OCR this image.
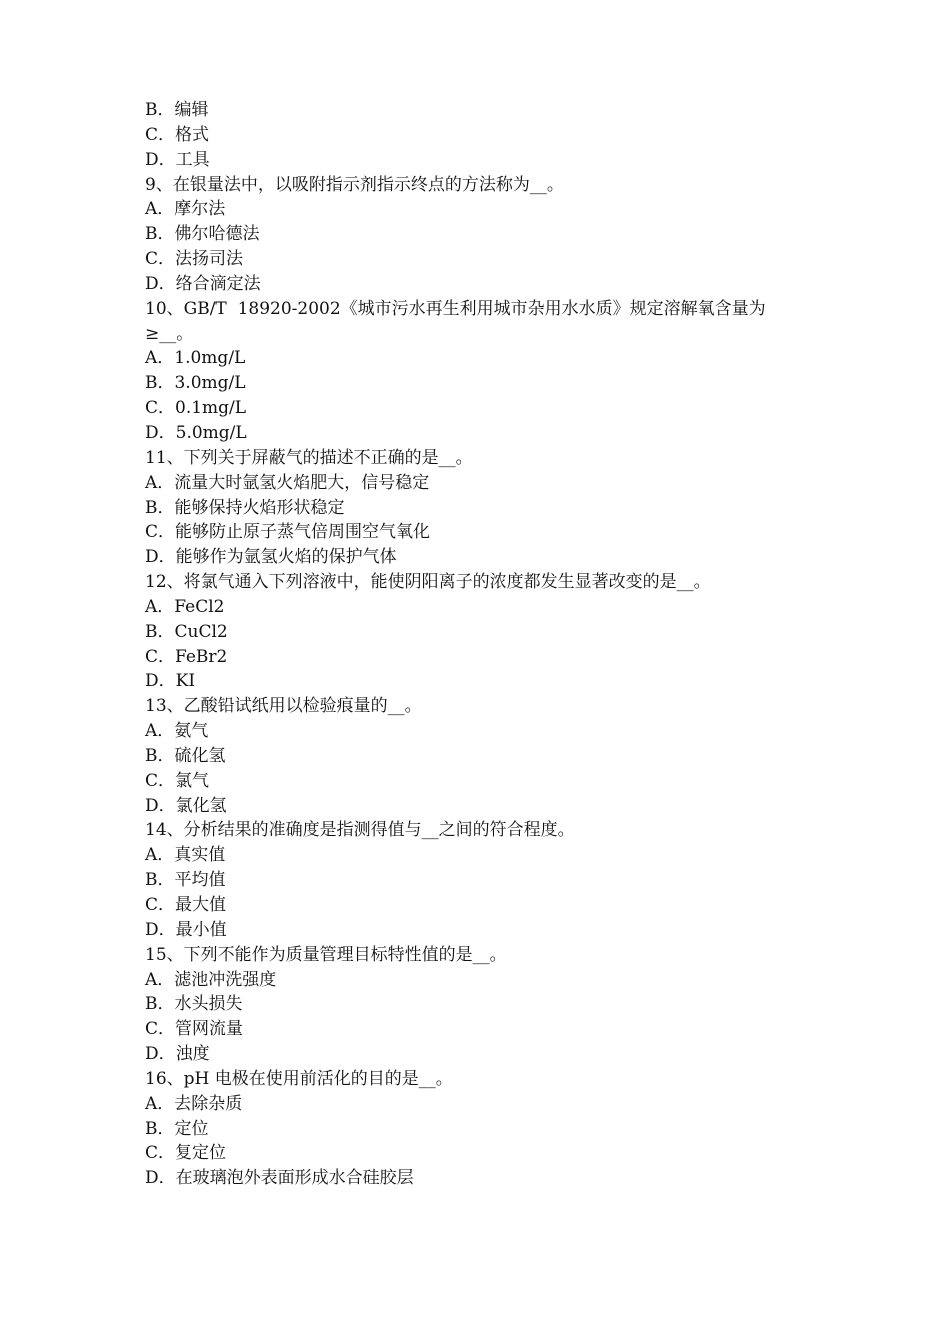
B．编辑
C．格式
D．工具
9、在银量法中，以吸附指示剂指示终点的方法称为__。
A．摩尔法
B．佛尔哈德法
C．法扬司法
D．络合滴定法
10、GB/T  18920-2002《城市污水再生利用城市杂用水水质》规定溶解氧含量为
≥__。
A．1.0mg/L
B．3.0mg/L
C．0.1mg/L
D．5.0mg/L
11、下列关于屏蔽气的描述不正确的是__。
A．流量大时氩氢火焰肥大，信号稳定
B．能够保持火焰形状稳定
C．能够防止原子蒸气倍周围空气氧化
D．能够作为氩氢火焰的保护气体
12、将氯气通入下列溶液中，能使阴阳离子的浓度都发生显著改变的是__。
A．FeCl2
B．CuCl2
C．FeBr2
D．KI
13、乙酸铅试纸用以检验痕量的__。
A．氨气
B．硫化氢
C．氯气
D．氯化氢
14、分析结果的准确度是指测得值与__之间的符合程度。
A．真实值
B．平均值
C．最大值
D．最小值
15、下列不能作为质量管理目标特性值的是__。
A．滤池冲洗强度
B．水头损失
C．管网流量
D．浊度
16、pH 电极在使用前活化的目的是__。
A．去除杂质
B．定位
C．复定位
D．在玻璃泡外表面形成水合硅胶层
